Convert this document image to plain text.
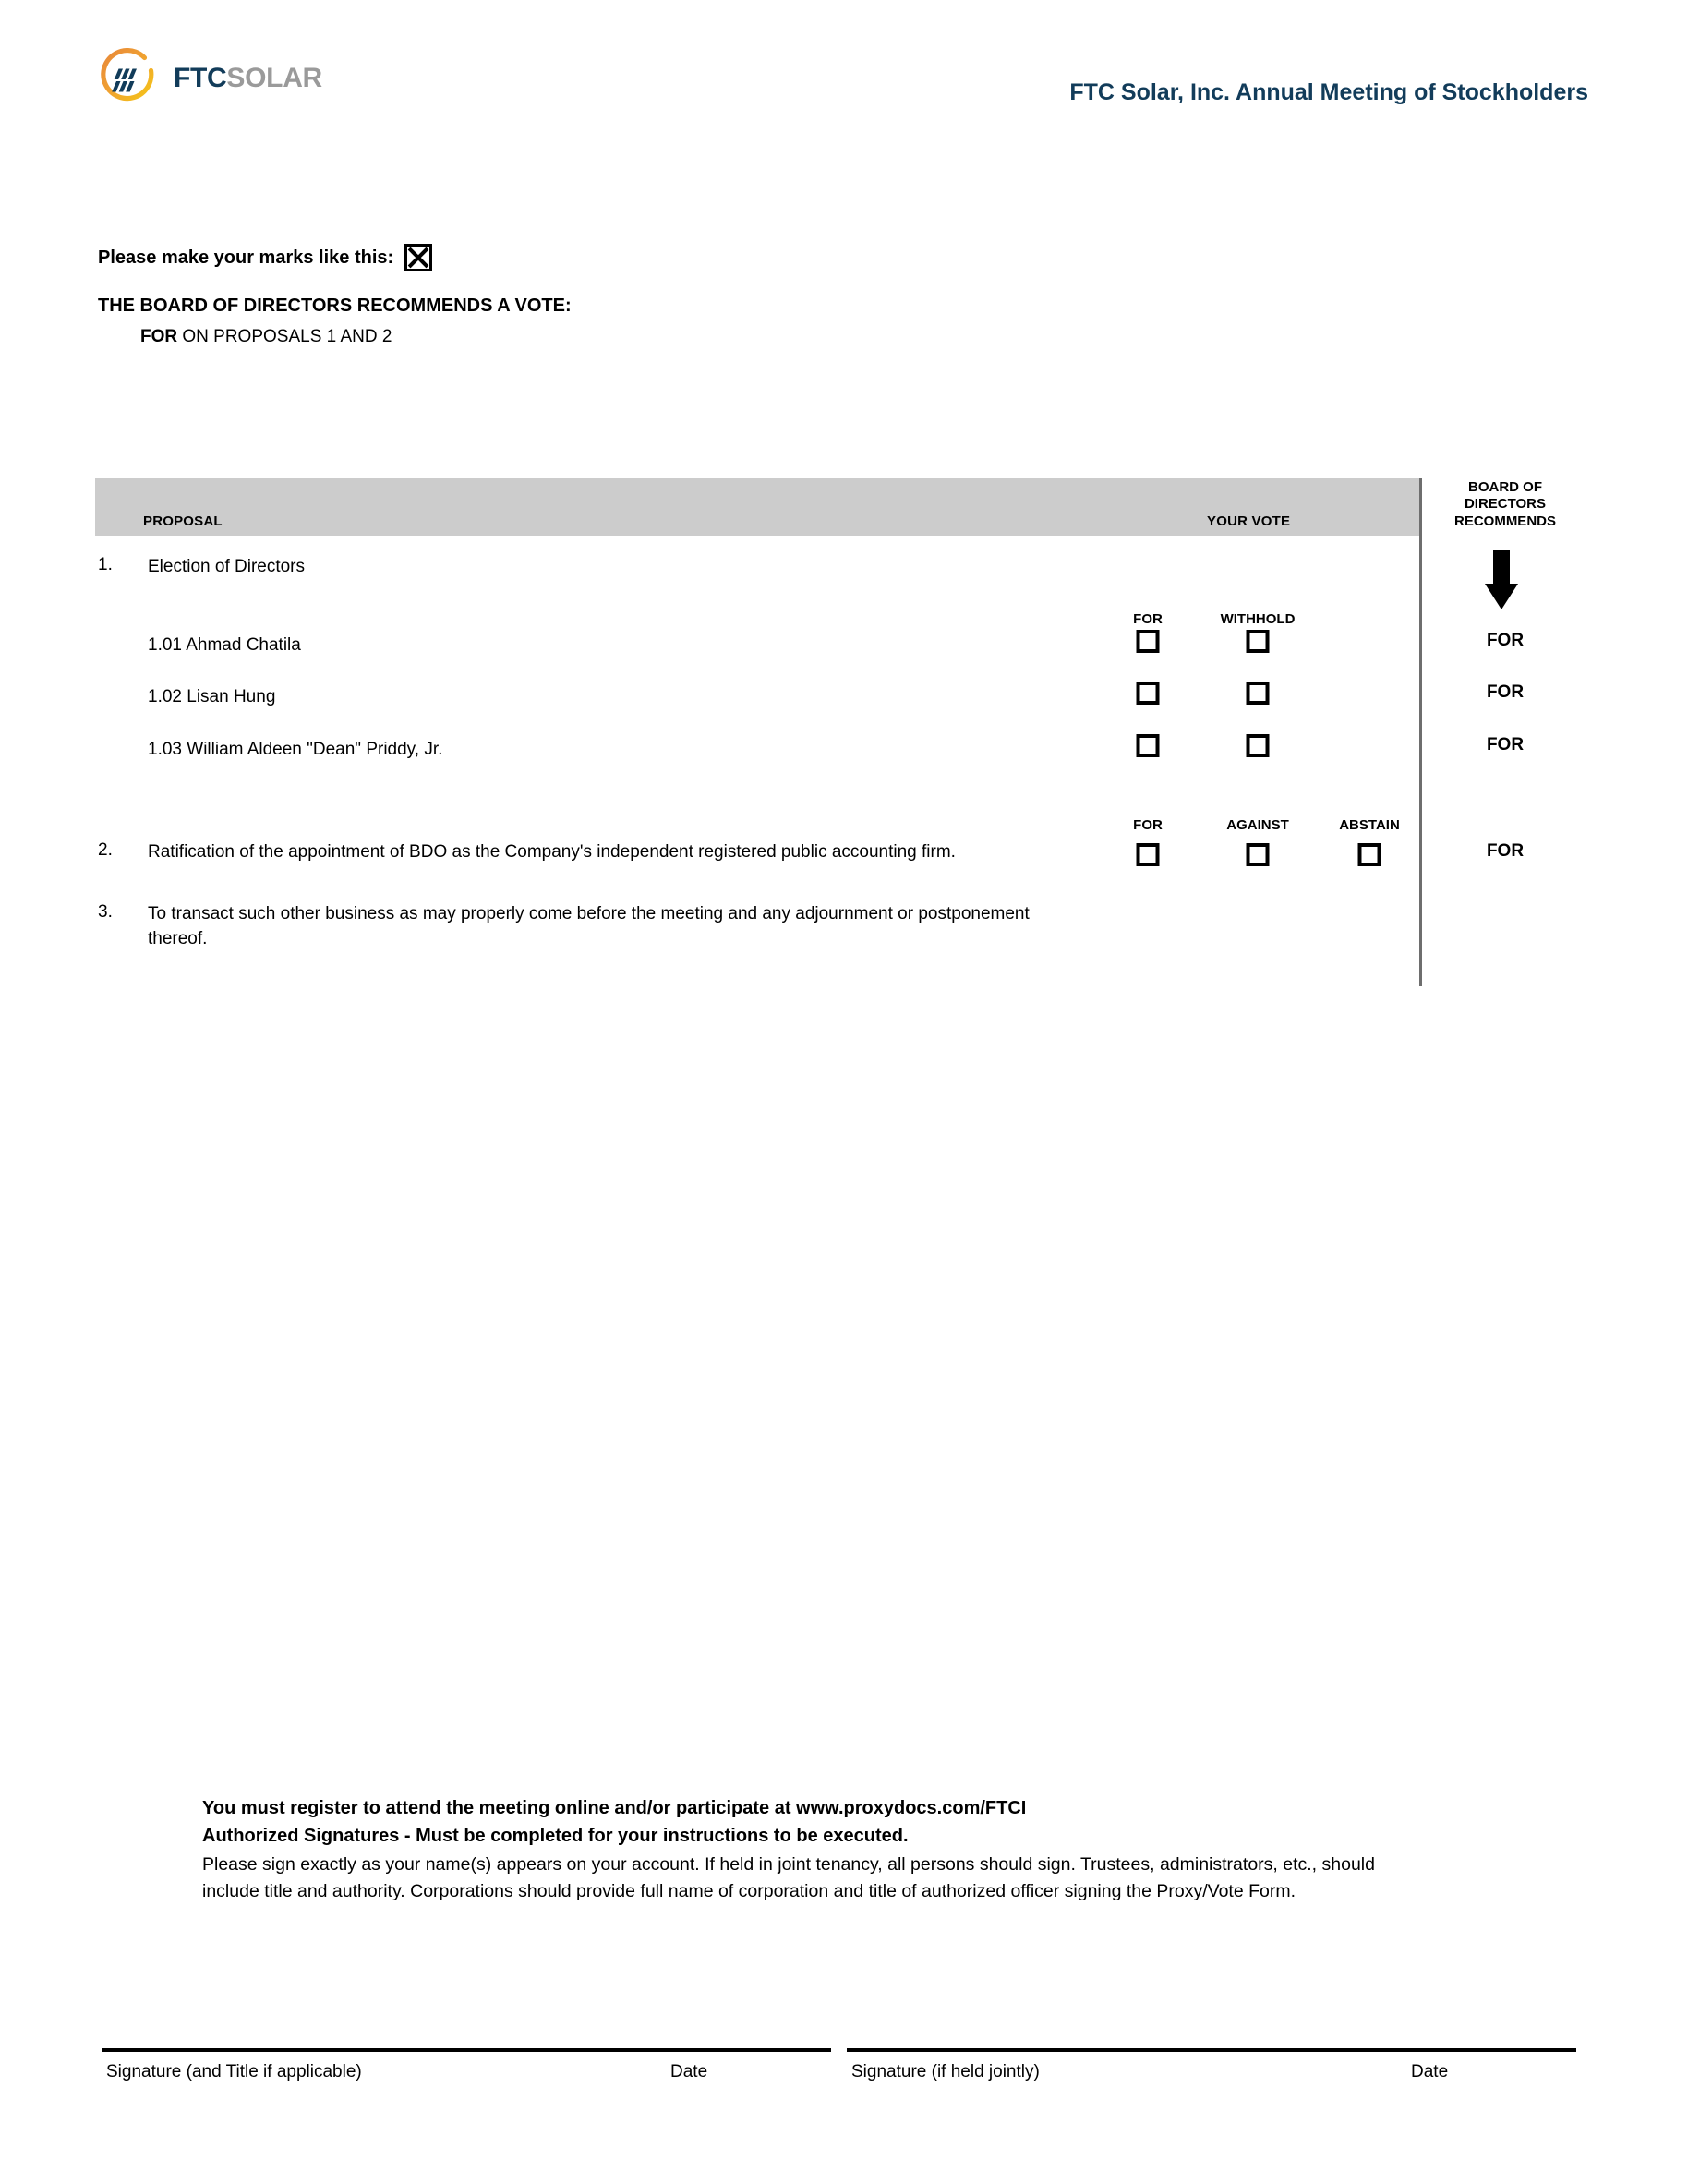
FTCSOLAR	FTC Solar, Inc. Annual Meeting of Stockholders
Please make your marks like this:
THE BOARD OF DIRECTORS RECOMMENDS A VOTE:
FOR ON PROPOSALS 1 AND 2
PROPOSAL	YOUR VOTE
BOARD OF
DIRECTORS
RECOMMENDS
1. Election of Directors
FOR	WITHHOLD
1.01 Ahmad Chatila	FOR
1.02 Lisan Hung	FOR
1.03 William Aldeen "Dean" Priddy, Jr.	FOR
FOR	AGAINST	ABSTAIN
2. Ratification of the appointment of BDO as the Company's independent registered public accounting firm.	FOR
3. To transact such other business as may properly come before the meeting and any adjournment or postponement thereof.
You must register to attend the meeting online and/or participate at www.proxydocs.com/FTCI
Authorized Signatures - Must be completed for your instructions to be executed.
Please sign exactly as your name(s) appears on your account. If held in joint tenancy, all persons should sign. Trustees, administrators, etc., should include title and authority. Corporations should provide full name of corporation and title of authorized officer signing the Proxy/Vote Form.
Signature (and Title if applicable)	Date	Signature (if held jointly)	Date
